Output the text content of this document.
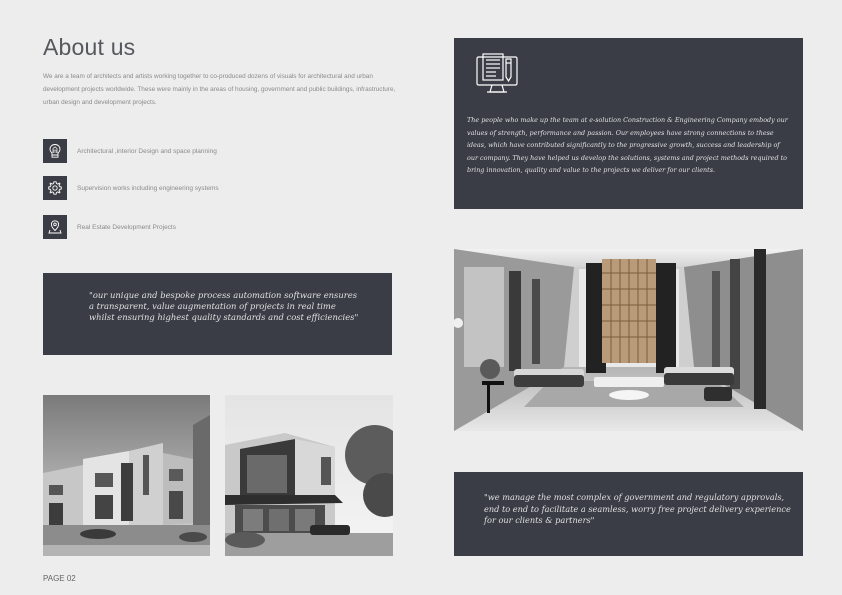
About us

We are a team of architects and artists working together to co-produced dozens of visuals for architectural and urban development projects worldwide. These were mainly in the areas of housing, government and public buildings, infrastructure, urban design and development projects.

Architectural ,interior Design and space planning
Supervision works including engineering systems
Real Estate Development Projects

"our unique and bespoke process automation software ensures a transparent, value augmentation of projects in real time whilst ensuring highest quality standards and cost efficiencies"

The people who make up the team at e-solution Construction & Engineering Company embody our values of strength, performance and passion. Our employees have strong connections to these ideas, which have contributed significantly to the progressive growth, success and leadership of our company. They have helped us develop the solutions, systems and project methods required to bring innovation, quality and value to the projects we deliver for our clients.

"we manage the most complex of government and regulatory approvals, end to end to facilitate a seamless, worry free project delivery experience for our clients & partners"

PAGE 02
